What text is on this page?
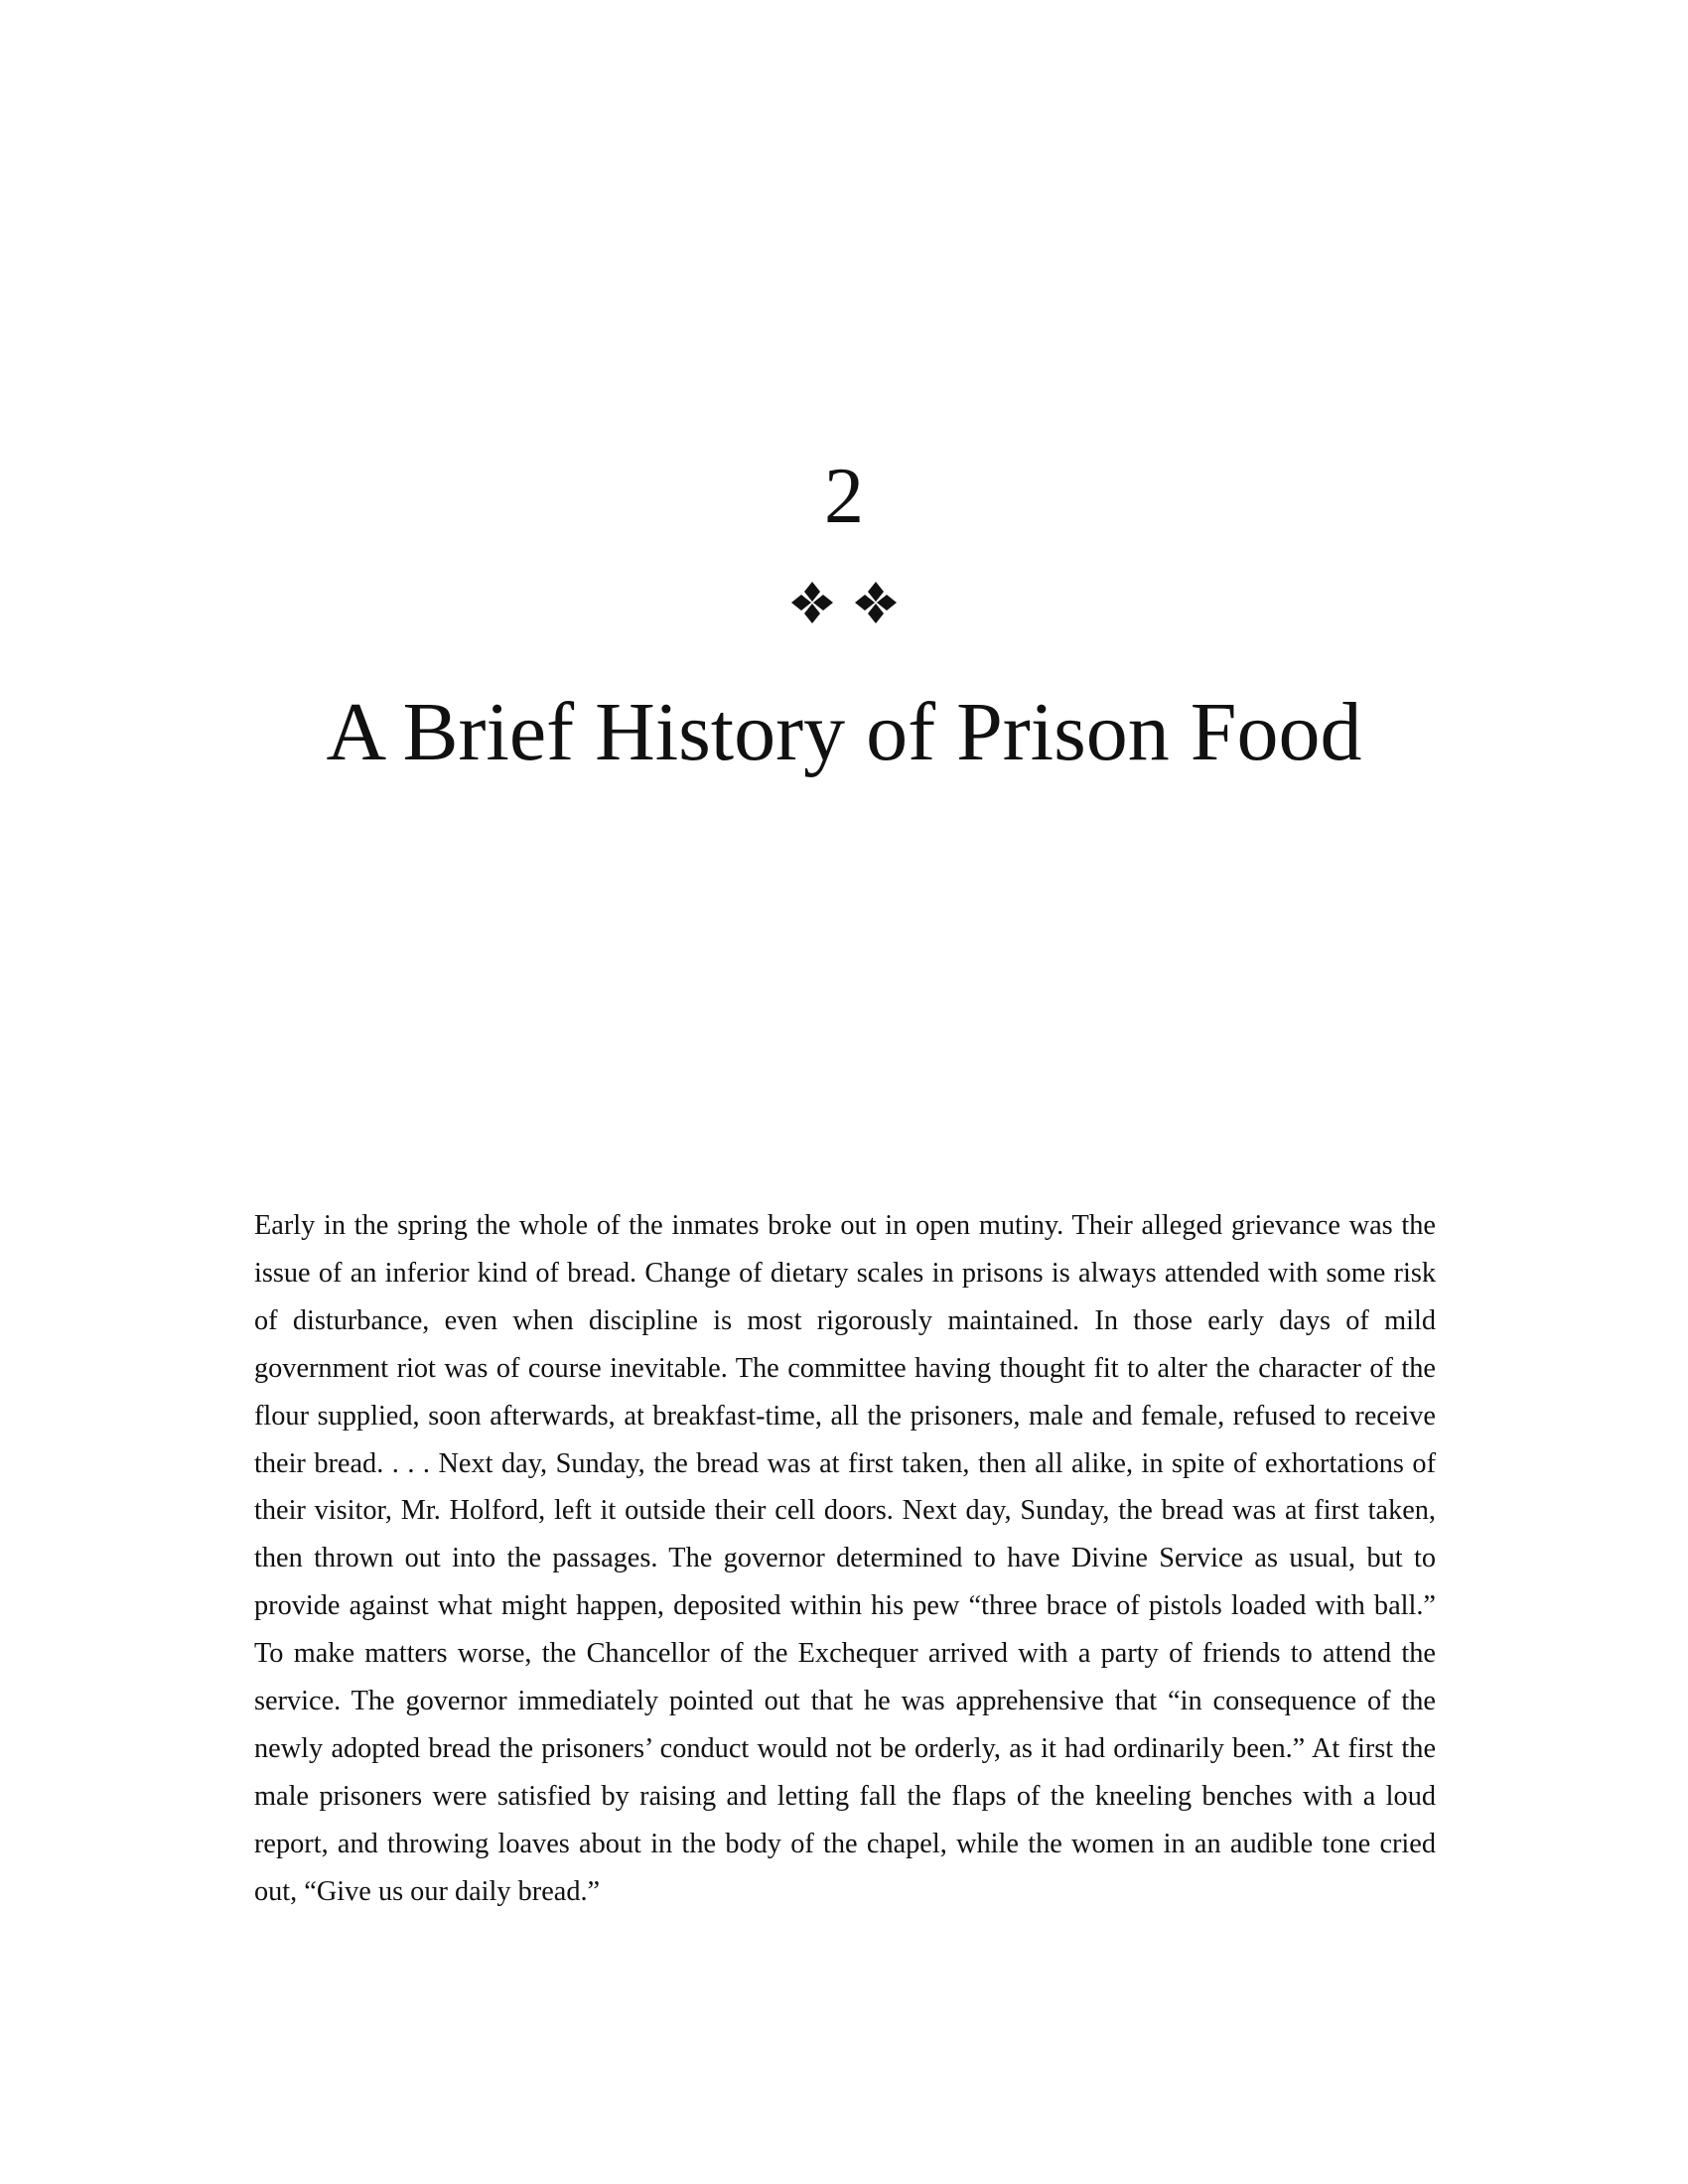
2

A Brief History of Prison Food

Early in the spring the whole of the inmates broke out in open mutiny. Their alleged grievance was the issue of an inferior kind of bread. Change of dietary scales in prisons is always attended with some risk of disturbance, even when discipline is most rigorously maintained. In those early days of mild government riot was of course inevitable. The committee having thought fit to alter the character of the flour supplied, soon afterwards, at breakfast-time, all the prisoners, male and female, refused to receive their bread. . . . Next day, Sunday, the bread was at first taken, then all alike, in spite of exhortations of their visitor, Mr. Holford, left it outside their cell doors. Next day, Sunday, the bread was at first taken, then thrown out into the passages. The governor determined to have Divine Service as usual, but to provide against what might happen, deposited within his pew “three brace of pistols loaded with ball.” To make matters worse, the Chancellor of the Exchequer arrived with a party of friends to attend the service. The governor immediately pointed out that he was apprehensive that “in consequence of the newly adopted bread the prisoners’ conduct would not be orderly, as it had ordinarily been.” At first the male prisoners were satisfied by raising and letting fall the flaps of the kneeling benches with a loud report, and throwing loaves about in the body of the chapel, while the women in an audible tone cried out, “Give us our daily bread.”
